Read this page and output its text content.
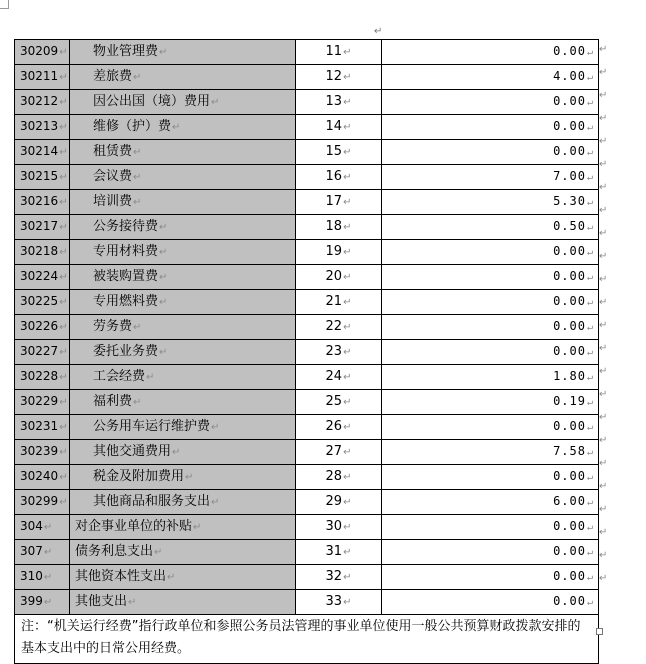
↵
30209↵	物业管理费↵	11↵	0.00↵
30211↵	差旅费↵	12↵	4.00↵
30212↵	因公出国（境）费用↵	13↵	0.00↵
30213↵	维修（护）费↵	14↵	0.00↵
30214↵	租赁费↵	15↵	0.00↵
30215↵	会议费↵	16↵	7.00↵
30216↵	培训费↵	17↵	5.30↵
30217↵	公务接待费↵	18↵	0.50↵
30218↵	专用材料费↵	19↵	0.00↵
30224↵	被装购置费↵	20↵	0.00↵
30225↵	专用燃料费↵	21↵	0.00↵
30226↵	劳务费↵	22↵	0.00↵
30227↵	委托业务费↵	23↵	0.00↵
30228↵	工会经费↵	24↵	1.80↵
30229↵	福利费↵	25↵	0.19↵
30231↵	公务用车运行维护费↵	26↵	0.00↵
30239↵	其他交通费用↵	27↵	7.58↵
30240↵	税金及附加费用↵	28↵	0.00↵
30299↵	其他商品和服务支出↵	29↵	6.00↵
304↵	对企事业单位的补贴↵	30↵	0.00↵
307↵	债务利息支出↵	31↵	0.00↵
310↵	其他资本性支出↵	32↵	0.00↵
399↵	其他支出↵	33↵	0.00↵
注：“机关运行经费”指行政单位和参照公务员法管理的事业单位使用一般公共预算财政拨款安排的基本支出中的日常公用经费。			
↵
↵
↵
↵
↵
↵
↵
↵
↵
↵
↵
↵
↵
↵
↵
↵
↵
↵
↵
↵
↵
↵
↵
↵
